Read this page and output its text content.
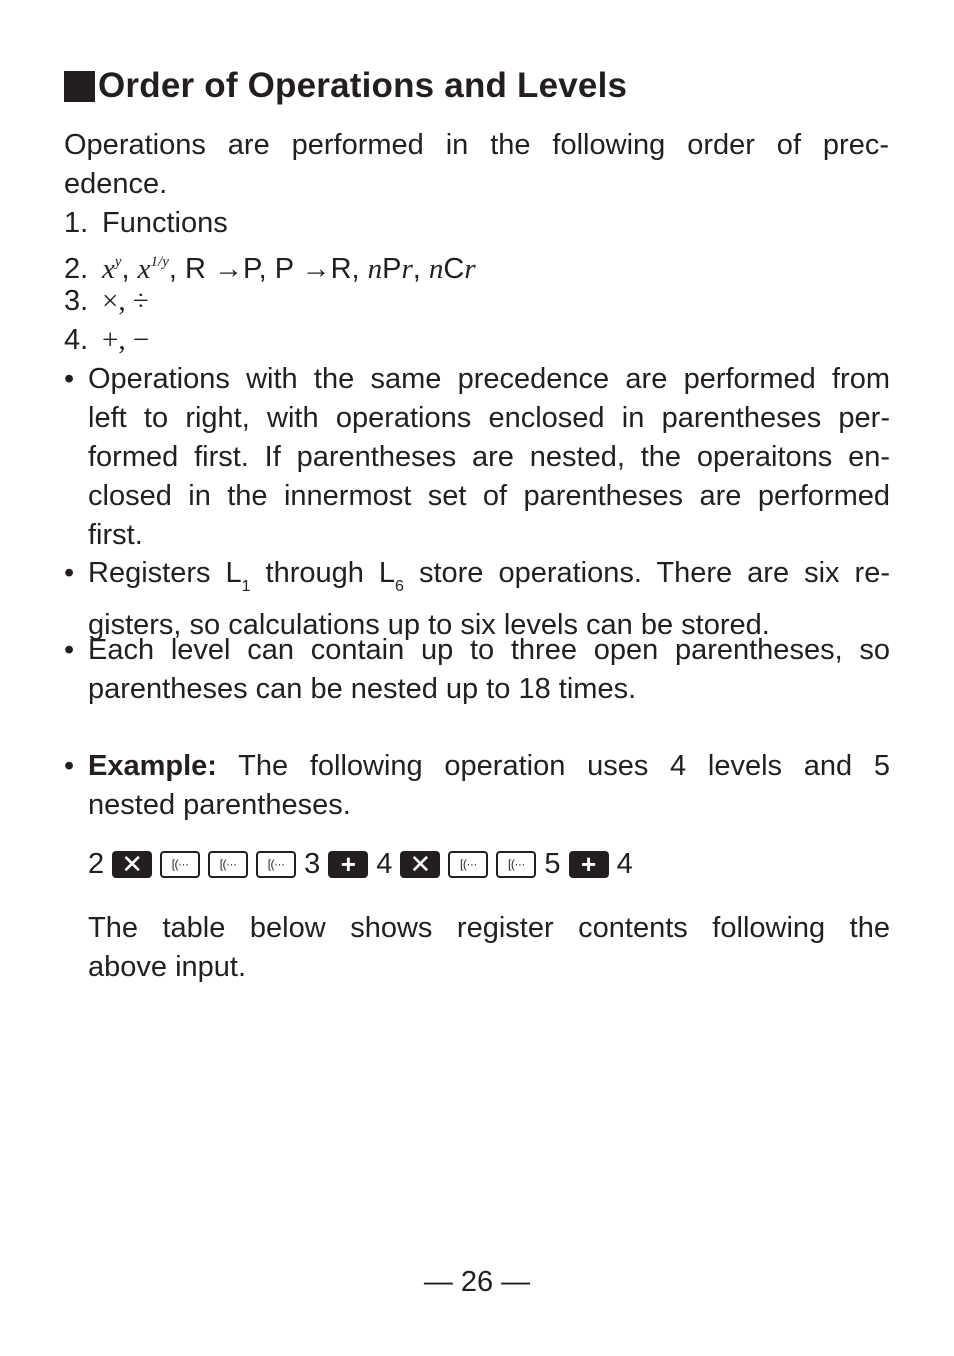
Order of Operations and Levels
Operations are performed in the following order of prec-
edence.
1. Functions
2. $x^y$, $x^{1/y}$, R →P, P →R, nPr, nCr
3. ×, ÷
4. +, −
• Operations with the same precedence are performed from
left to right, with operations enclosed in parentheses per-
formed first. If parentheses are nested, the operaitons en-
closed in the innermost set of parentheses are performed
first.
• Registers $L_1$ through $L_6$ store operations. There are six re-
gisters, so calculations up to six levels can be stored.
• Each level can contain up to three open parentheses, so
parentheses can be nested up to 18 times.
• Example: The following operation uses 4 levels and 5
nested parentheses.
2 ✕	[(···	[(···	[(··· 3 + 4 ✕	[(···	[(··· 5 + 4
The table below shows register contents following the
above input.
— 26 —
